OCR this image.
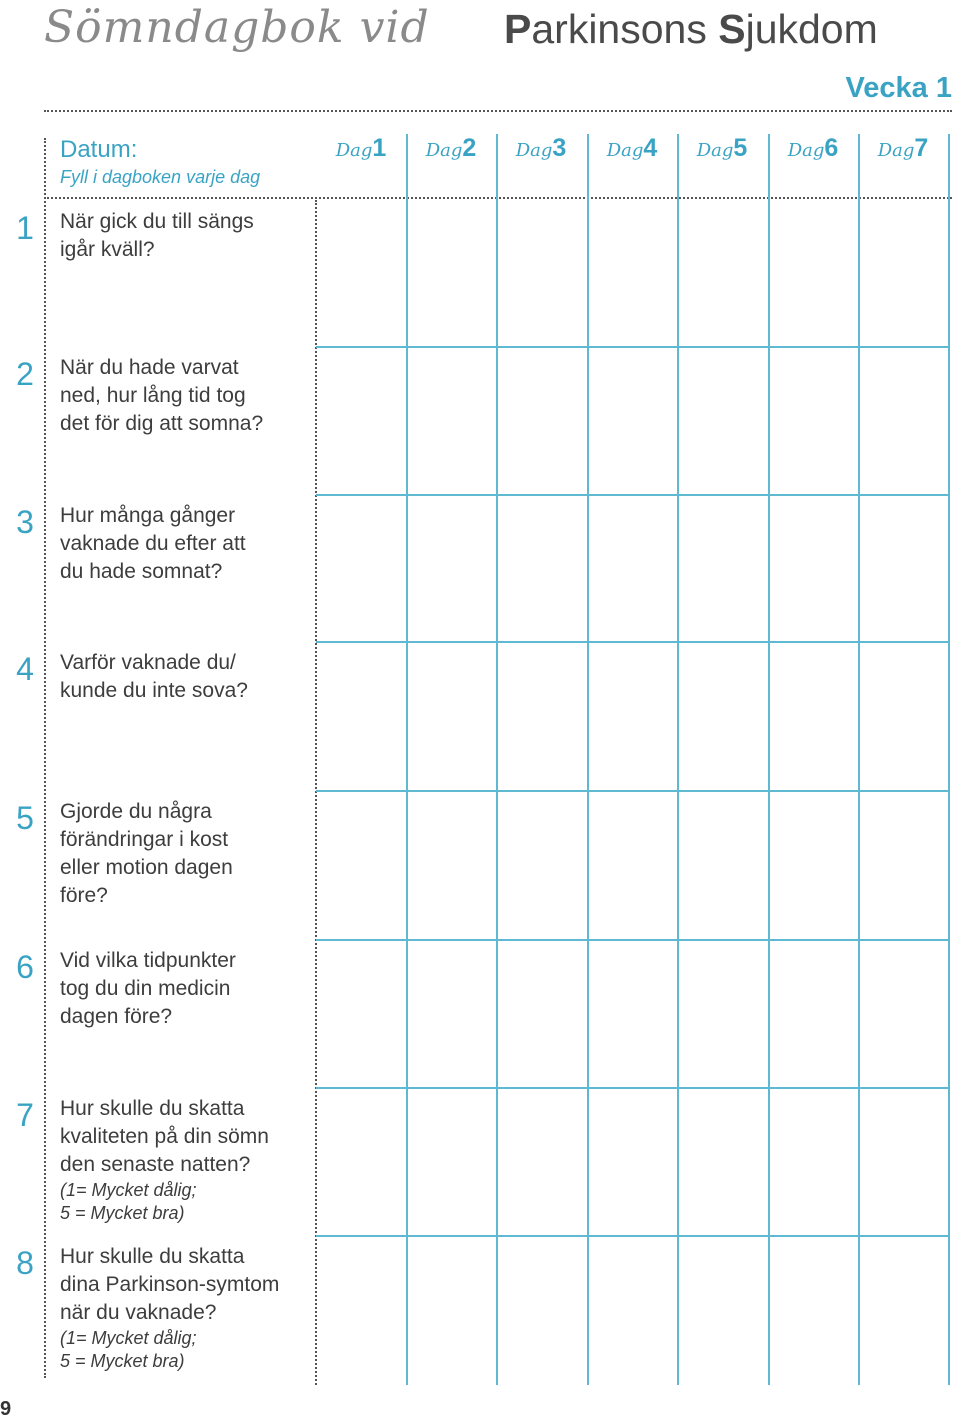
Sömndagbok vid Parkinsons Sjukdom
Vecka 1
Datum:
Fyll i dagboken varje dag
Dag1	Dag2	Dag3	Dag4	Dag5	Dag6	Dag7
1 När gick du till sängs
igår kväll?
2 När du hade varvat
ned, hur lång tid tog
det för dig att somna?
3 Hur många gånger
vaknade du efter att
du hade somnat?
4 Varför vaknade du/
kunde du inte sova?
5 Gjorde du några
förändringar i kost
eller motion dagen
före?
6 Vid vilka tidpunkter
tog du din medicin
dagen före?
7 Hur skulle du skatta
kvaliteten på din sömn
den senaste natten?
(1= Mycket dålig;
5 = Mycket bra)
8 Hur skulle du skatta
dina Parkinson-symtom
när du vaknade?
(1= Mycket dålig;
5 = Mycket bra)
9
